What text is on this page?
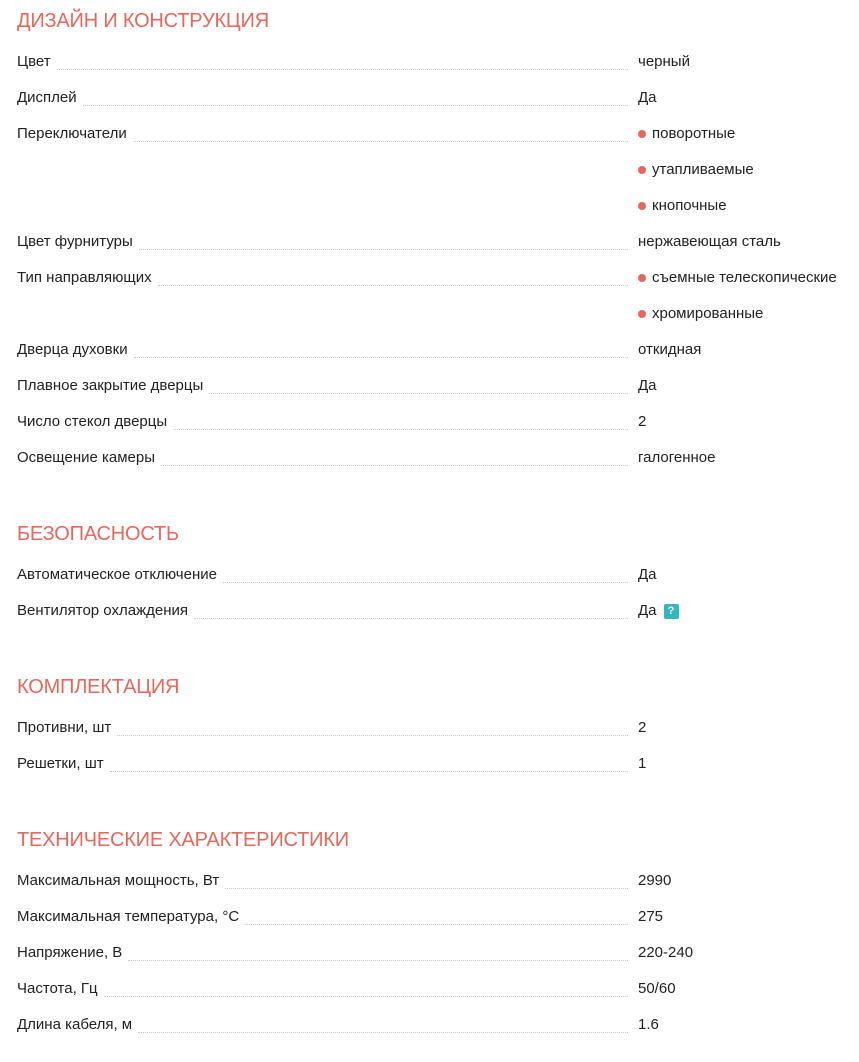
ДИЗАЙН И КОНСТРУКЦИЯ
Цвет	черный
Дисплей	Да
Переключатели	поворотные
утапливаемые
кнопочные
Цвет фурнитуры	нержавеющая сталь
Тип направляющих	съемные телескопические
хромированные
Дверца духовки	откидная
Плавное закрытие дверцы	Да
Число стекол дверцы	2
Освещение камеры	галогенное
БЕЗОПАСНОСТЬ
Автоматическое отключение	Да
Вентилятор охлаждения	Да	?
КОМПЛЕКТАЦИЯ
Противни, шт	2
Решетки, шт	1
ТЕХНИЧЕСКИЕ ХАРАКТЕРИСТИКИ
Максимальная мощность, Вт	2990
Максимальная температура, °С	275
Напряжение, В	220-240
Частота, Гц	50/60
Длина кабеля, м	1.6
